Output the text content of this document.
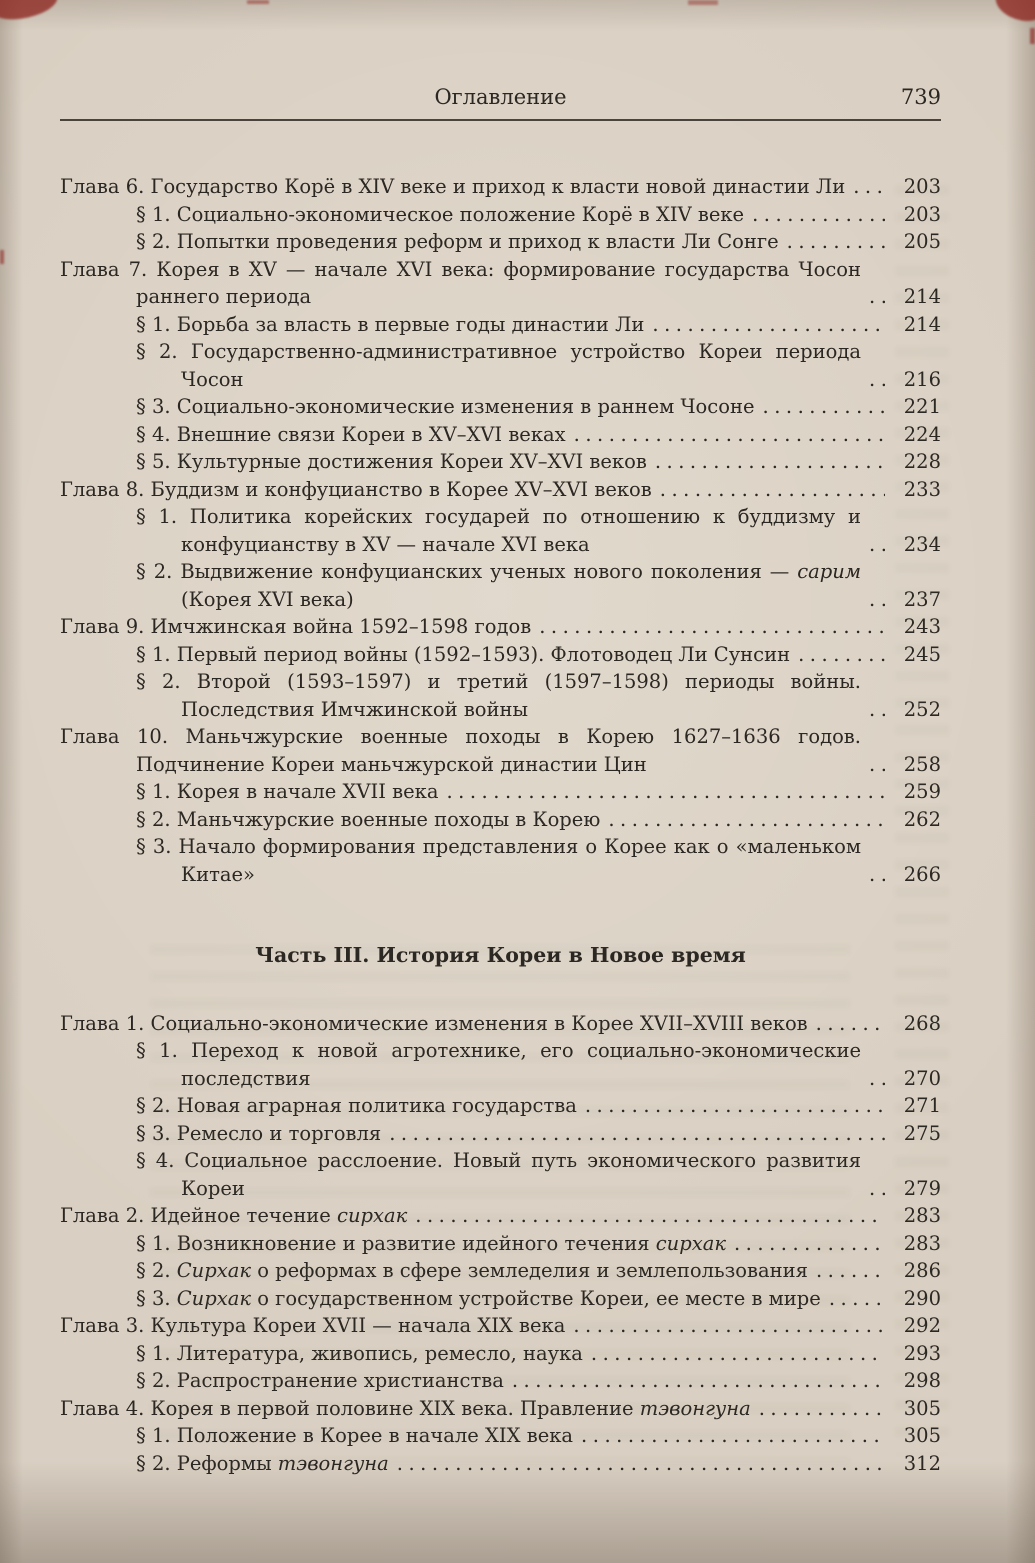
Оглавление	739
Глава 6. Государство Корё в XIV веке и приход к власти новой династии Ли .....	203
§ 1. Социально-экономическое положение Корё в XIV веке .....	203
§ 2. Попытки проведения реформ и приход к власти Ли Сонге .....	205
Глава 7. Корея в XV — начале XVI века: формирование государства Чосон раннего периода .....	214
§ 1. Борьба за власть в первые годы династии Ли .....	214
§ 2. Государственно-административное устройство Кореи периода Чосон .....	216
§ 3. Социально-экономические изменения в раннем Чосоне .....	221
§ 4. Внешние связи Кореи в XV–XVI веках .....	224
§ 5. Культурные достижения Кореи XV–XVI веков .....	228
Глава 8. Буддизм и конфуцианство в Корее XV–XVI веков .....	233
§ 1. Политика корейских государей по отношению к буддизму и конфуцианству в XV — начале XVI века .....	234
§ 2. Выдвижение конфуцианских ученых нового поколения — сарим (Корея XVI века) .....	237
Глава 9. Имчжинская война 1592–1598 годов .....	243
§ 1. Первый период войны (1592–1593). Флотоводец Ли Сунсин .....	245
§ 2. Второй (1593–1597) и третий (1597–1598) периоды войны. Последствия Имчжинской войны .....	252
Глава 10. Маньчжурские военные походы в Корею 1627–1636 годов. Подчинение Кореи маньчжурской династии Цин .....	258
§ 1. Корея в начале XVII века .....	259
§ 2. Маньчжурские военные походы в Корею .....	262
§ 3. Начало формирования представления о Корее как о «маленьком Китае» .....	266
Часть III. История Кореи в Новое время
Глава 1. Социально-экономические изменения в Корее XVII–XVIII веков .....	268
§ 1. Переход к новой агротехнике, его социально-экономические последствия .....	270
§ 2. Новая аграрная политика государства .....	271
§ 3. Ремесло и торговля .....	275
§ 4. Социальное расслоение. Новый путь экономического развития Кореи .....	279
Глава 2. Идейное течение сирхак .....	283
§ 1. Возникновение и развитие идейного течения сирхак .....	283
§ 2. Сирхак о реформах в сфере земледелия и землепользования .....	286
§ 3. Сирхак о государственном устройстве Кореи, ее месте в мире .....	290
Глава 3. Культура Кореи XVII — начала XIX века .....	292
§ 1. Литература, живопись, ремесло, наука .....	293
§ 2. Распространение христианства .....	298
Глава 4. Корея в первой половине XIX века. Правление тэвонгуна .....	305
§ 1. Положение в Корее в начале XIX века .....	305
§ 2. Реформы тэвонгуна .....	312
